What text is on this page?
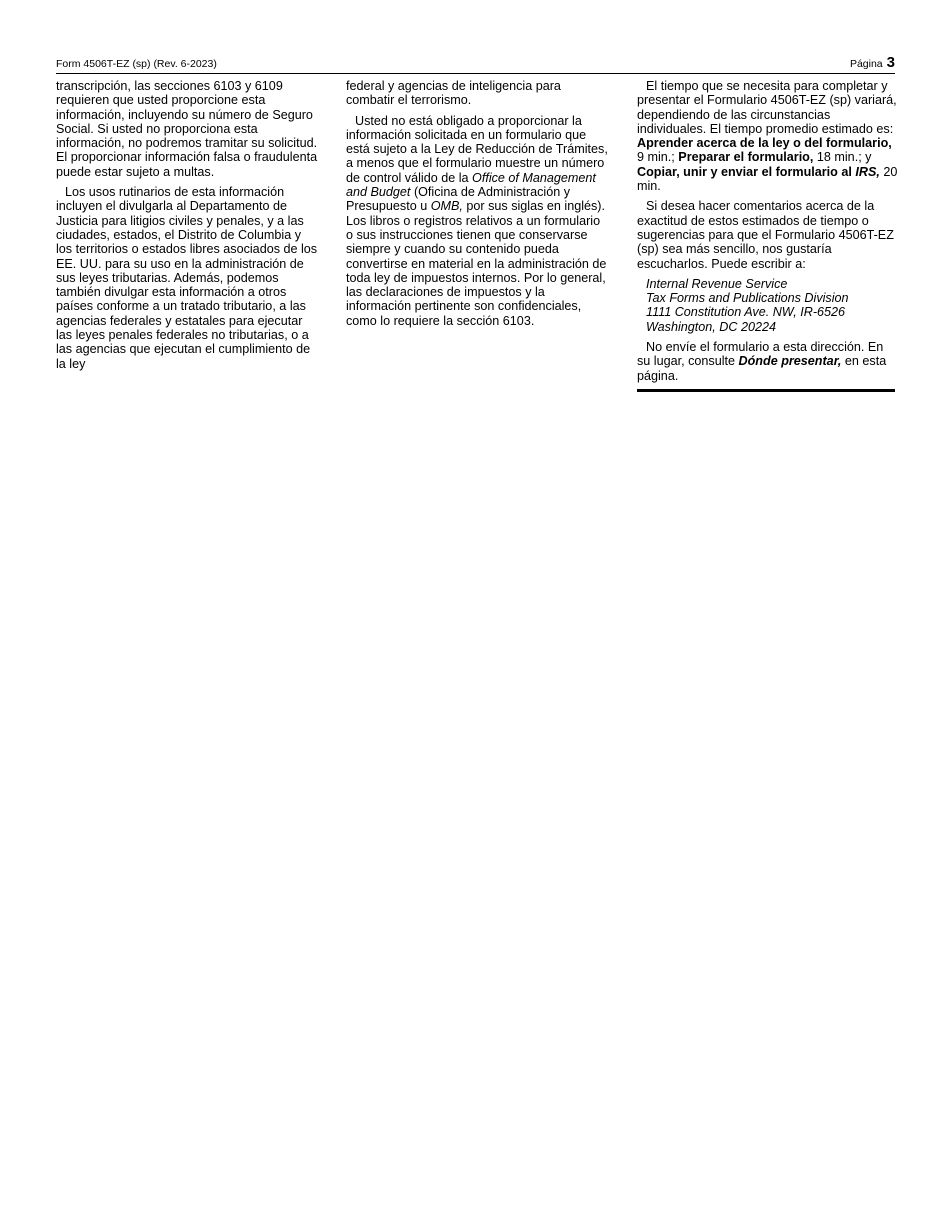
Form 4506T-EZ (sp) (Rev. 6-2023)	Página 3

transcripción, las secciones 6103 y 6109 requieren que usted proporcione esta información, incluyendo su número de Seguro Social. Si usted no proporciona esta información, no podremos tramitar su solicitud. El proporcionar información falsa o fraudulenta puede estar sujeto a multas.

Los usos rutinarios de esta información incluyen el divulgarla al Departamento de Justicia para litigios civiles y penales, y a las ciudades, estados, el Distrito de Columbia y los territorios o estados libres asociados de los EE. UU. para su uso en la administración de sus leyes tributarias. Además, podemos también divulgar esta información a otros países conforme a un tratado tributario, a las agencias federales y estatales para ejecutar las leyes penales federales no tributarias, o a las agencias que ejecutan el cumplimiento de la ley

federal y agencias de inteligencia para combatir el terrorismo.

Usted no está obligado a proporcionar la información solicitada en un formulario que está sujeto a la Ley de Reducción de Trámites, a menos que el formulario muestre un número de control válido de la Office of Management and Budget (Oficina de Administración y Presupuesto u OMB, por sus siglas en inglés). Los libros o registros relativos a un formulario o sus instrucciones tienen que conservarse siempre y cuando su contenido pueda convertirse en material en la administración de toda ley de impuestos internos. Por lo general, las declaraciones de impuestos y la información pertinente son confidenciales, como lo requiere la sección 6103.

El tiempo que se necesita para completar y presentar el Formulario 4506T-EZ (sp) variará, dependiendo de las circunstancias individuales. El tiempo promedio estimado es:  Aprender acerca de la ley o del formulario, 9 min.; Preparar el formulario, 18 min.; y Copiar, unir y enviar el formulario al IRS, 20 min.

Si desea hacer comentarios acerca de la exactitud de estos estimados de tiempo o sugerencias para que el Formulario 4506T-EZ (sp) sea más sencillo, nos gustaría escucharlos. Puede escribir a:

Internal Revenue Service
Tax Forms and Publications Division
1111 Constitution Ave. NW, IR-6526
Washington, DC 20224

No envíe el formulario a esta dirección. En su lugar, consulte Dónde presentar, en esta página.
